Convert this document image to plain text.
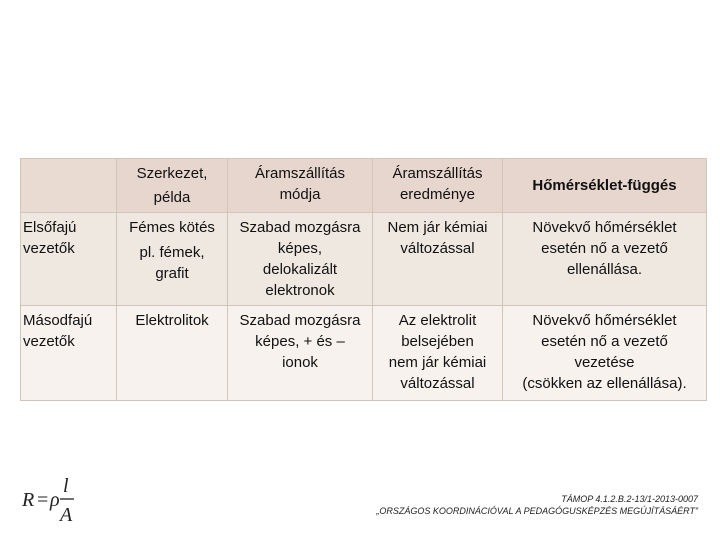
	Szerkezet,
példa	Áramszállítás
módja	Áramszállítás
eredménye	Hőmérséklet-függés

Elsőfajú
vezetők	Fémes kötés
pl. fémek,
grafit	Szabad mozgásra
képes,
delokalizált
elektronok	Nem jár kémiai
változással	Növekvő hőmérséklet
esetén nő a vezető
ellenállása.

Másodfajú
vezetők	Elektrolitok	Szabad mozgásra
képes, + és –
ionok	Az elektrolit
belsejében
nem jár kémiai
változással	Növekvő hőmérséklet
esetén nő a vezető
vezetése
(csökken az ellenállása).
R = ρ
l
A
TÁMOP 4.1.2.B.2-13/1-2013-0007
„ORSZÁGOS KOORDINÁCIÓVAL A PEDAGÓGUSKÉPZÉS MEGÚJÍTÁSÁÉRT”
